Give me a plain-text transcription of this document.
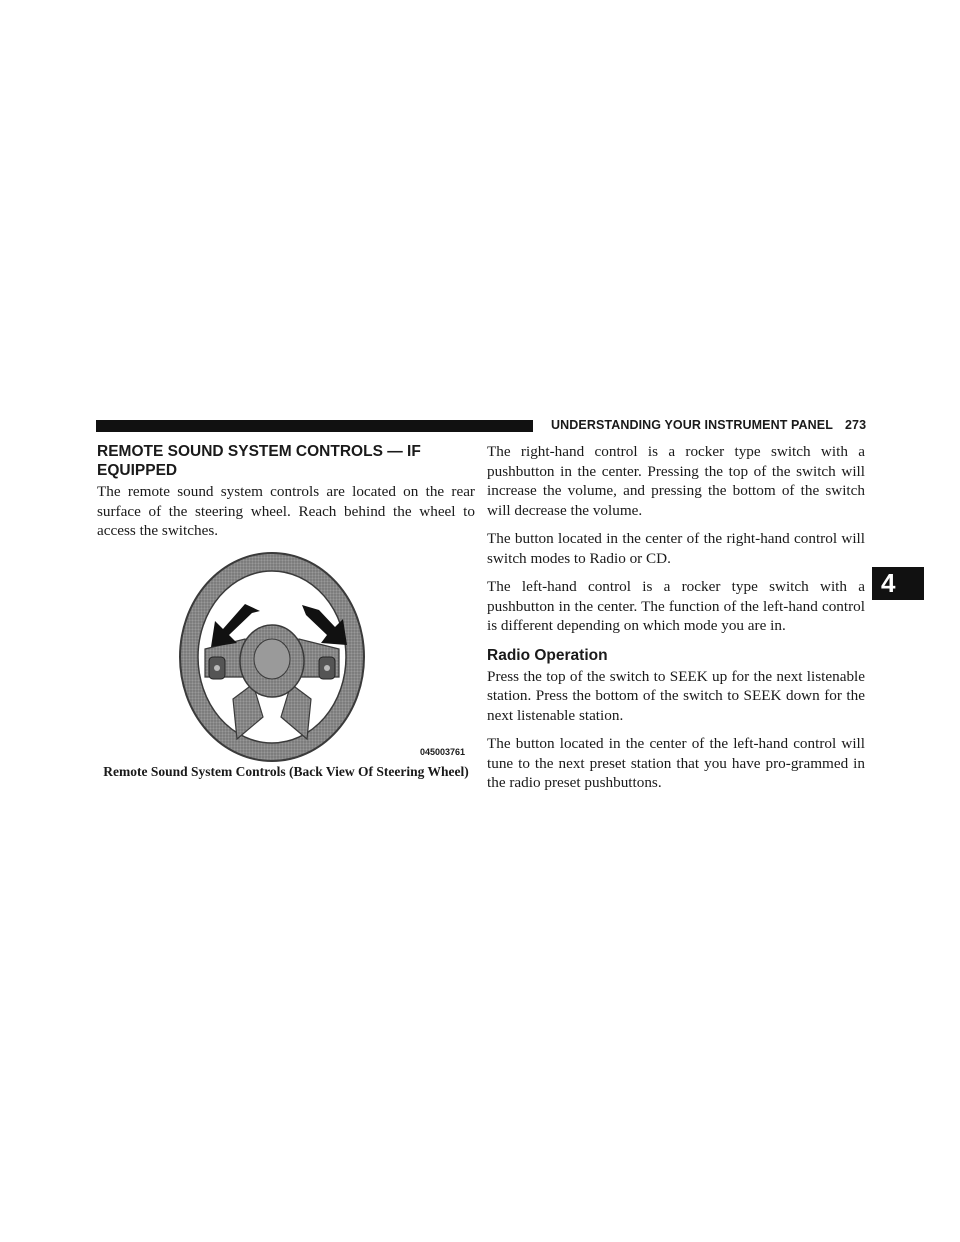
UNDERSTANDING YOUR INSTRUMENT PANEL 273
4
REMOTE SOUND SYSTEM CONTROLS — IF EQUIPPED

The remote sound system controls are located on the rear surface of the steering wheel. Reach behind the wheel to access the switches.

045003761
Remote Sound System Controls (Back View Of Steering Wheel)

The right-hand control is a rocker type switch with a pushbutton in the center. Pressing the top of the switch will increase the volume, and pressing the bottom of the switch will decrease the volume.

The button located in the center of the right-hand control will switch modes to Radio or CD.

The left-hand control is a rocker type switch with a pushbutton in the center. The function of the left-hand control is different depending on which mode you are in.

Radio Operation

Press the top of the switch to SEEK up for the next listenable station. Press the bottom of the switch to SEEK down for the next listenable station.

The button located in the center of the left-hand control will tune to the next preset station that you have pro-grammed in the radio preset pushbuttons.
